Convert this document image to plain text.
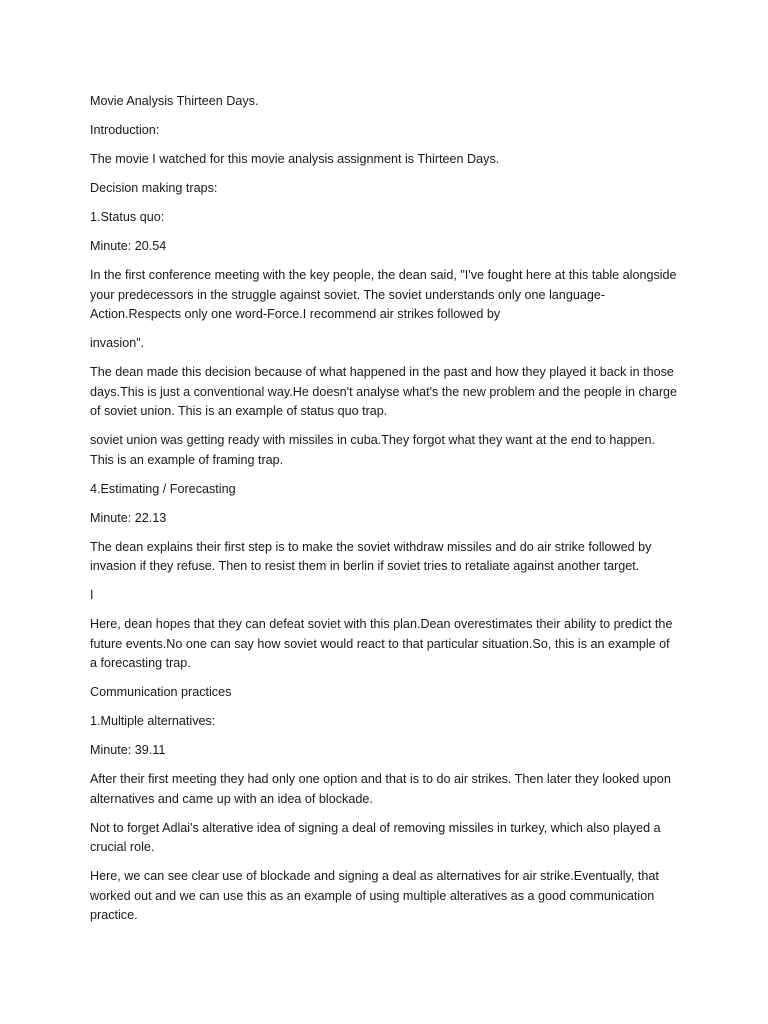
Movie Analysis Thirteen Days.

Introduction:

The movie I watched for this movie analysis assignment is Thirteen Days.

Decision making traps:

1.Status quo:

Minute: 20.54

In the first conference meeting with the key people, the dean said, "I've fought here at this table alongside your predecessors in the struggle against soviet. The soviet understands only one language-Action.Respects only one word-Force.I recommend air strikes followed by

invasion".

The dean made this decision because of what happened in the past and how they played it back in those days.This is just a conventional way.He doesn't analyse what's the new problem and the people in charge of soviet union. This is an example of status quo trap.

soviet union was getting ready with missiles in cuba.They forgot what they want at the end to happen. This is an example of framing trap.

4.Estimating / Forecasting

Minute: 22.13

The dean explains their first step is to make the soviet withdraw missiles and do air strike followed by invasion if they refuse. Then to resist them in berlin if soviet tries to retaliate against another target.

I

Here, dean hopes that they can defeat soviet with this plan.Dean overestimates their ability to predict the future events.No one can say how soviet would react to that particular situation.So, this is an example of a forecasting trap.

Communication practices

1.Multiple alternatives:

Minute: 39.11

After their first meeting they had only one option and that is to do air strikes. Then later they looked upon alternatives and came up with an idea of blockade.

Not to forget Adlai's alterative idea of signing a deal of removing missiles in turkey, which also played a crucial role.

Here, we can see clear use of blockade and signing a deal as alternatives for air strike.Eventually, that worked out and we can use this as an example of using multiple alteratives as a good communication practice.
